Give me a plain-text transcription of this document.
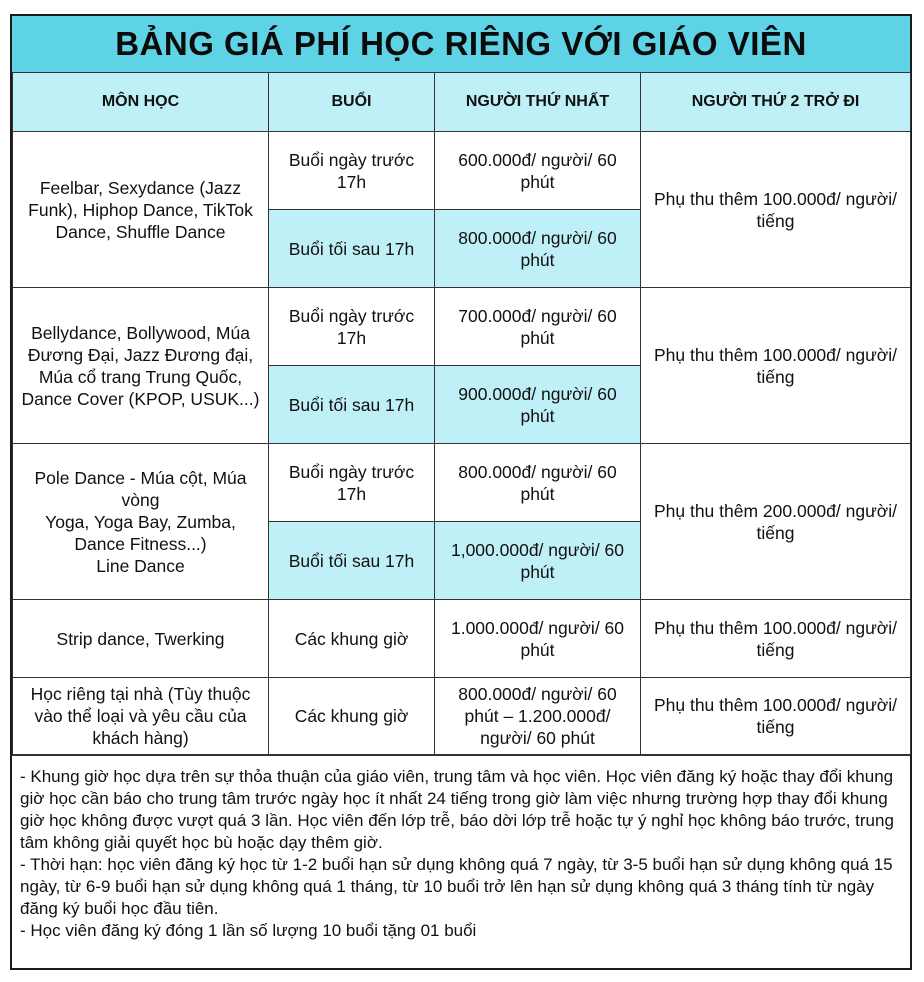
BẢNG GIÁ PHÍ HỌC RIÊNG VỚI GIÁO VIÊN
MÔN HỌC	BUỔI	NGƯỜI THỨ NHẤT	NGƯỜI THỨ 2 TRỞ ĐI
Feelbar, Sexydance (Jazz Funk), Hiphop Dance, TikTok Dance, Shuffle Dance	Buổi ngày trước 17h	600.000đ/ người/ 60 phút	Phụ thu thêm 100.000đ/ người/ tiếng
	Buổi tối sau 17h	800.000đ/ người/ 60 phút	
Bellydance, Bollywood, Múa Đương Đại, Jazz Đương đại, Múa cổ trang Trung Quốc, Dance Cover (KPOP, USUK...)	Buổi ngày trước 17h	700.000đ/ người/ 60 phút	Phụ thu thêm 100.000đ/ người/ tiếng
	Buổi tối sau 17h	900.000đ/ người/ 60 phút	

Pole Dance - Múa cột, Múa vòng
Yoga, Yoga Bay, Zumba, Dance Fitness...)
Line Dance	Buổi ngày trước 17h	800.000đ/ người/ 60 phút	Phụ thu thêm 200.000đ/ người/ tiếng
	Buổi tối sau 17h	1,000.000đ/ người/ 60 phút	
Strip dance, Twerking	Các khung giờ	1.000.000đ/ người/ 60 phút	Phụ thu thêm 100.000đ/ người/ tiếng
Học riêng tại nhà (Tùy thuộc vào thể loại và yêu cầu của khách hàng)	Các khung giờ	800.000đ/ người/ 60 phút – 1.200.000đ/ người/ 60 phút	Phụ thu thêm 100.000đ/ người/ tiếng
- Khung giờ học dựa trên sự thỏa thuận của giáo viên, trung tâm và học viên. Học viên đăng ký hoặc thay đổi khung giờ học cần báo cho trung tâm trước ngày học ít nhất 24 tiếng trong giờ làm việc nhưng trường hợp thay đổi khung giờ học không được vượt quá 3 lần. Học viên đến lớp trễ, báo dời lớp trễ hoặc tự ý nghỉ học không báo trước, trung tâm không giải quyết học bù hoặc dạy thêm giờ.
- Thời hạn: học viên đăng ký học từ 1-2 buổi hạn sử dụng không quá 7 ngày, từ 3-5 buổi hạn sử dụng không quá 15 ngày, từ 6-9 buổi hạn sử dụng không quá 1 tháng, từ 10 buổi trở lên hạn sử dụng không quá 3 tháng tính từ ngày đăng ký buổi học đầu tiên.
- Học viên đăng ký đóng 1 lần số lượng 10 buổi tặng 01 buổi
